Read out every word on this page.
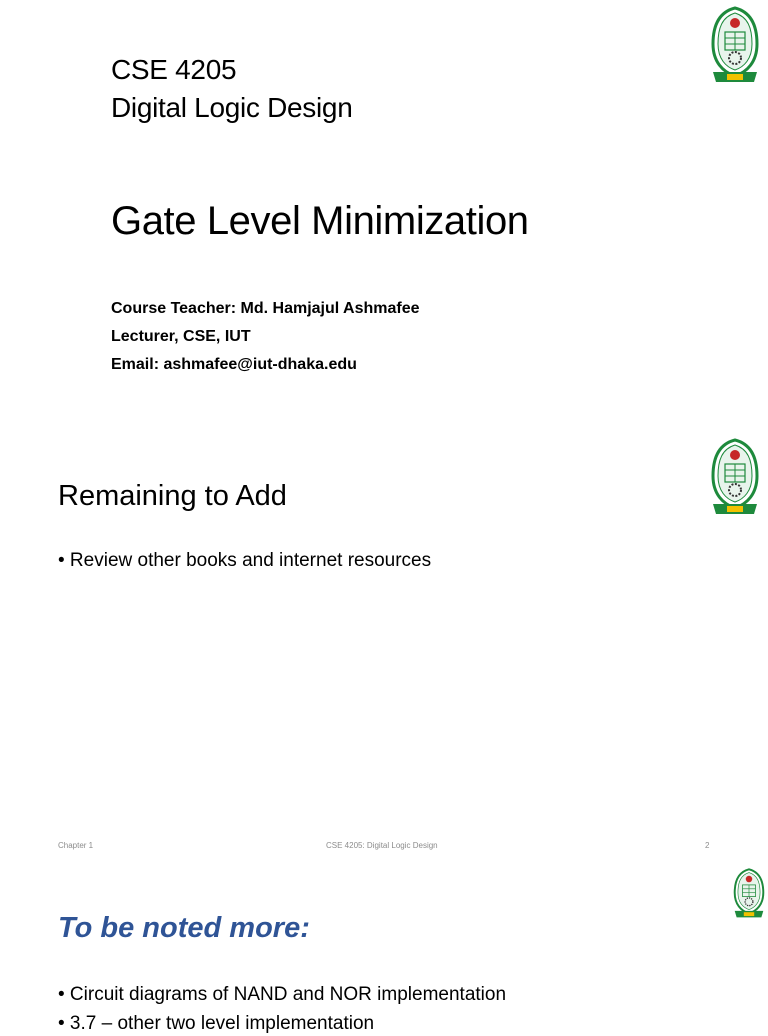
CSE 4205
Digital Logic Design
Gate Level Minimization
Course Teacher: Md. Hamjajul Ashmafee
Lecturer, CSE, IUT
Email: ashmafee@iut-dhaka.edu
Remaining to Add
• Review other books and internet resources
Chapter 1	CSE 4205: Digital Logic Design	2
To be noted more:
• Circuit diagrams of NAND and NOR implementation
• 3.7 – other two level implementation
